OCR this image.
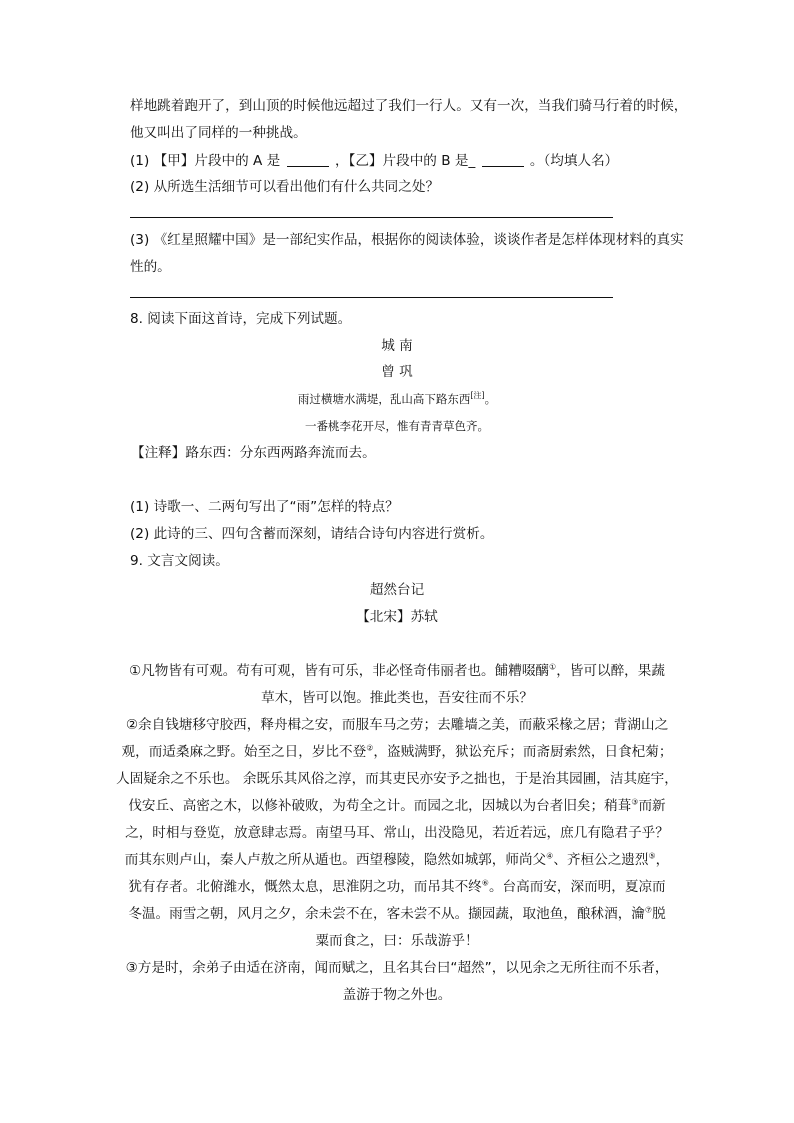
样地跳着跑开了，到山顶的时候他远超过了我们一行人。又有一次，当我们骑马行着的时候，
他又叫出了同样的一种挑战。
(1) 【甲】片段中的 A 是	，【乙】片段中的 B 是_	。（均填人名）
(2) 从所选生活细节可以看出他们有什么共同之处？
(3) 《红星照耀中国》是一部纪实作品，根据你的阅读体验，谈谈作者是怎样体现材料的真实
性的。
8. 阅读下面这首诗，完成下列试题。
城 南
曾 巩
雨过横塘水满堤，乱山高下路东西[注]。
一番桃李花开尽，惟有青青草色齐。
【注释】路东西：分东西两路奔流而去。
(1) 诗歌一、二两句写出了“雨”怎样的特点？
(2) 此诗的三、四句含蓄而深刻，请结合诗句内容进行赏析。
9. 文言文阅读。
超然台记
【北宋】苏轼
①凡物皆有可观。苟有可观，皆有可乐，非必怪奇伟丽者也。餔糟啜醨①，皆可以醉，果蔬
草木，皆可以饱。推此类也，吾安往而不乐？
②余自钱塘移守胶西，释舟楫之安，而服车马之劳；去雕墙之美，而蔽采椽之居；背湖山之
观，而适桑麻之野。始至之日，岁比不登②，盗贼满野，狱讼充斥；而斋厨索然，日食杞菊；
人固疑余之不乐也。 余既乐其风俗之淳，而其吏民亦安予之拙也，于是治其园圃，洁其庭宇，
伐安丘、高密之木，以修补破败，为苟全之计。而园之北，因城以为台者旧矣；稍葺③而新
之，时相与登览，放意肆志焉。南望马耳、常山，出没隐见，若近若远，庶几有隐君子乎？
而其东则卢山，秦人卢敖之所从遁也。西望穆陵，隐然如城郭，师尚父④、齐桓公之遗烈⑤，
犹有存者。北俯潍水，慨然太息，思淮阴之功，而吊其不终⑥。台高而安，深而明，夏凉而
冬温。雨雪之朝，风月之夕，余未尝不在，客未尝不从。撷园蔬，取池鱼，酿秫酒，瀹⑦脱
粟而食之，曰：乐哉游乎！
③方是时，余弟子由适在济南，闻而赋之，且名其台曰“超然”，以见余之无所往而不乐者，
盖游于物之外也。
